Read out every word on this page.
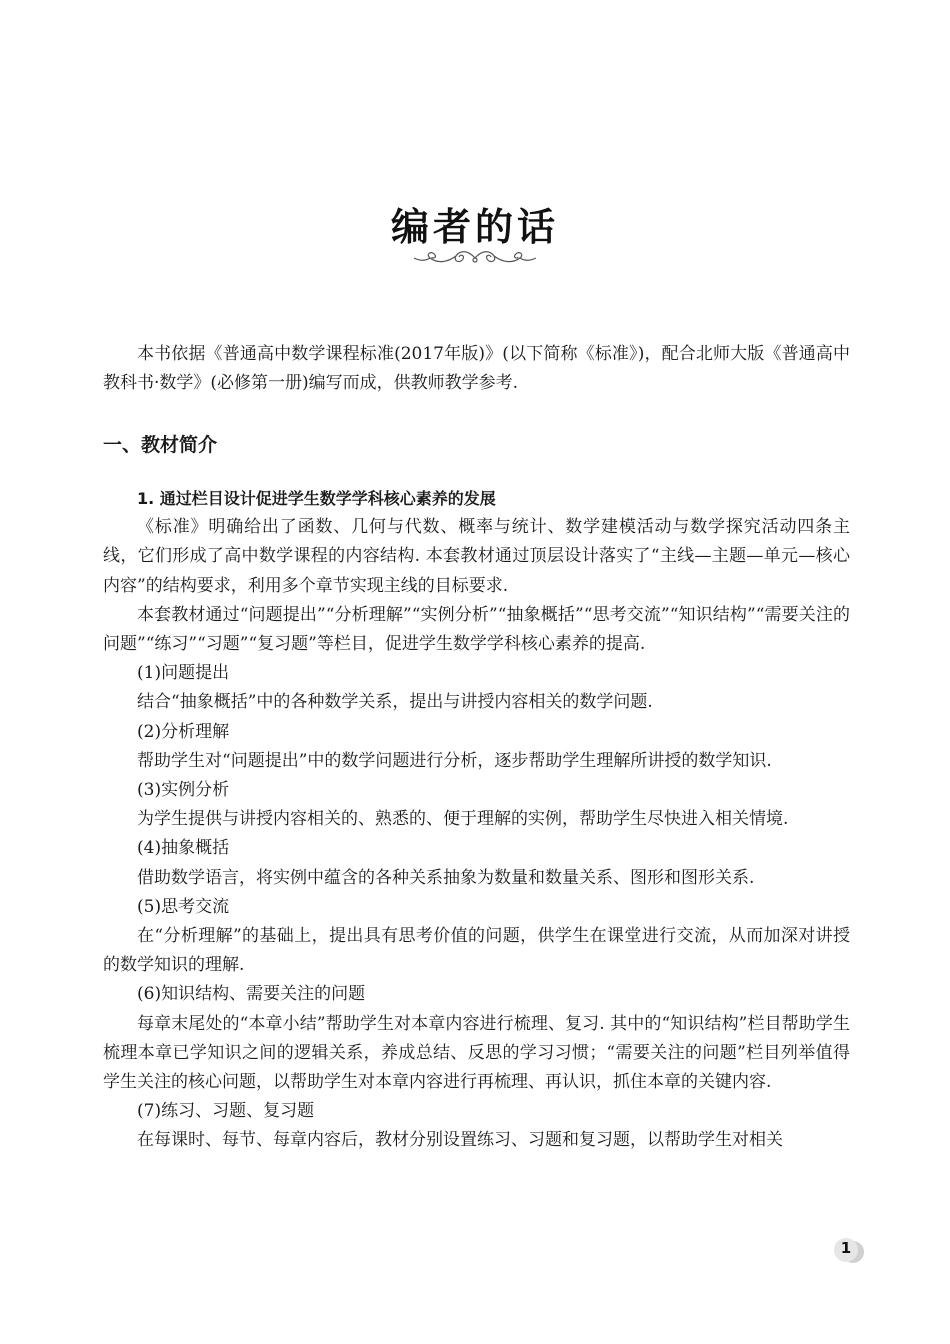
编者的话

本书依据《普通高中数学课程标准(2017年版)》(以下简称《标准》)，配合北师大版《普通高中教科书·数学》(必修第一册)编写而成，供教师教学参考.

一、教材简介

1. 通过栏目设计促进学生数学学科核心素养的发展

《标准》明确给出了函数、几何与代数、概率与统计、数学建模活动与数学探究活动四条主线，它们形成了高中数学课程的内容结构. 本套教材通过顶层设计落实了“主线—主题—单元—核心内容”的结构要求，利用多个章节实现主线的目标要求.

本套教材通过“问题提出”“分析理解”“实例分析”“抽象概括”“思考交流”“知识结构”“需要关注的问题”“练习”“习题”“复习题”等栏目，促进学生数学学科核心素养的提高.

(1)问题提出

结合“抽象概括”中的各种数学关系，提出与讲授内容相关的数学问题.

(2)分析理解

帮助学生对“问题提出”中的数学问题进行分析，逐步帮助学生理解所讲授的数学知识.

(3)实例分析

为学生提供与讲授内容相关的、熟悉的、便于理解的实例，帮助学生尽快进入相关情境.

(4)抽象概括

借助数学语言，将实例中蕴含的各种关系抽象为数量和数量关系、图形和图形关系.

(5)思考交流

在“分析理解”的基础上，提出具有思考价值的问题，供学生在课堂进行交流，从而加深对讲授的数学知识的理解.

(6)知识结构、需要关注的问题

每章末尾处的“本章小结”帮助学生对本章内容进行梳理、复习. 其中的“知识结构”栏目帮助学生梳理本章已学知识之间的逻辑关系，养成总结、反思的学习习惯；“需要关注的问题”栏目列举值得学生关注的核心问题，以帮助学生对本章内容进行再梳理、再认识，抓住本章的关键内容.

(7)练习、习题、复习题

在每课时、每节、每章内容后，教材分别设置练习、习题和复习题，以帮助学生对相关

1
